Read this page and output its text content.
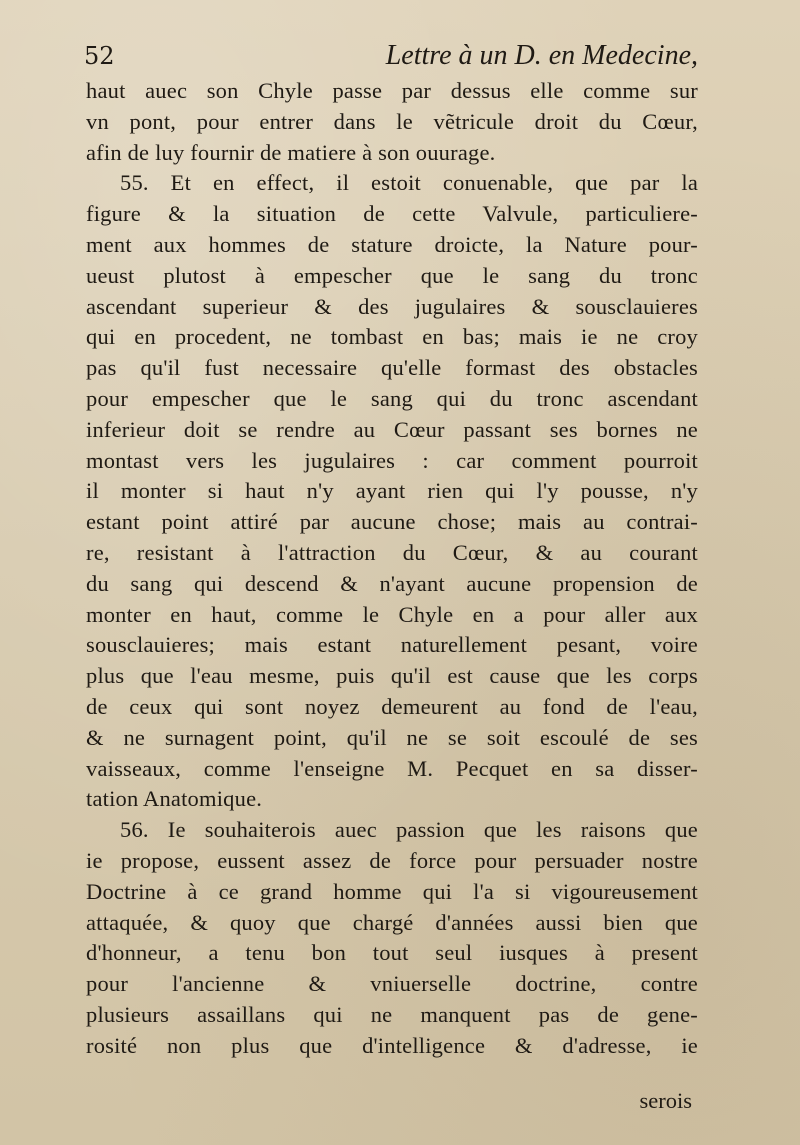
52	Lettre à un D. en Medecine,
haut auec son Chyle passe par dessus elle comme sur
vn pont, pour entrer dans le vẽtricule droit du Cœur,
afin de luy fournir de matiere à son ouurage.
55. Et en effect, il estoit conuenable, que par la
figure & la situation de cette Valvule, particuliere-
ment aux hommes de stature droicte, la Nature pour-
ueust plutost à empescher que le sang du tronc
ascendant superieur & des jugulaires & sousclauieres
qui en procedent, ne tombast en bas; mais ie ne croy
pas qu'il fust necessaire qu'elle formast des obstacles
pour empescher que le sang qui du tronc ascendant
inferieur doit se rendre au Cœur passant ses bornes ne
montast vers les jugulaires : car comment pourroit
il monter si haut n'y ayant rien qui l'y pousse, n'y
estant point attiré par aucune chose; mais au contrai-
re, resistant à l'attraction du Cœur, & au courant
du sang qui descend & n'ayant aucune propension de
monter en haut, comme le Chyle en a pour aller aux
sousclauieres; mais estant naturellement pesant, voire
plus que l'eau mesme, puis qu'il est cause que les corps
de ceux qui sont noyez demeurent au fond de l'eau,
& ne surnagent point, qu'il ne se soit escoulé de ses
vaisseaux, comme l'enseigne M. Pecquet en sa disser-
tation Anatomique.
56. Ie souhaiterois auec passion que les raisons que
ie propose, eussent assez de force pour persuader nostre
Doctrine à ce grand homme qui l'a si vigoureusement
attaquée, & quoy que chargé d'années aussi bien que
d'honneur, a tenu bon tout seul iusques à present
pour l'ancienne & vniuerselle doctrine, contre
plusieurs assaillans qui ne manquent pas de gene-
rosité non plus que d'intelligence & d'adresse, ie
serois
